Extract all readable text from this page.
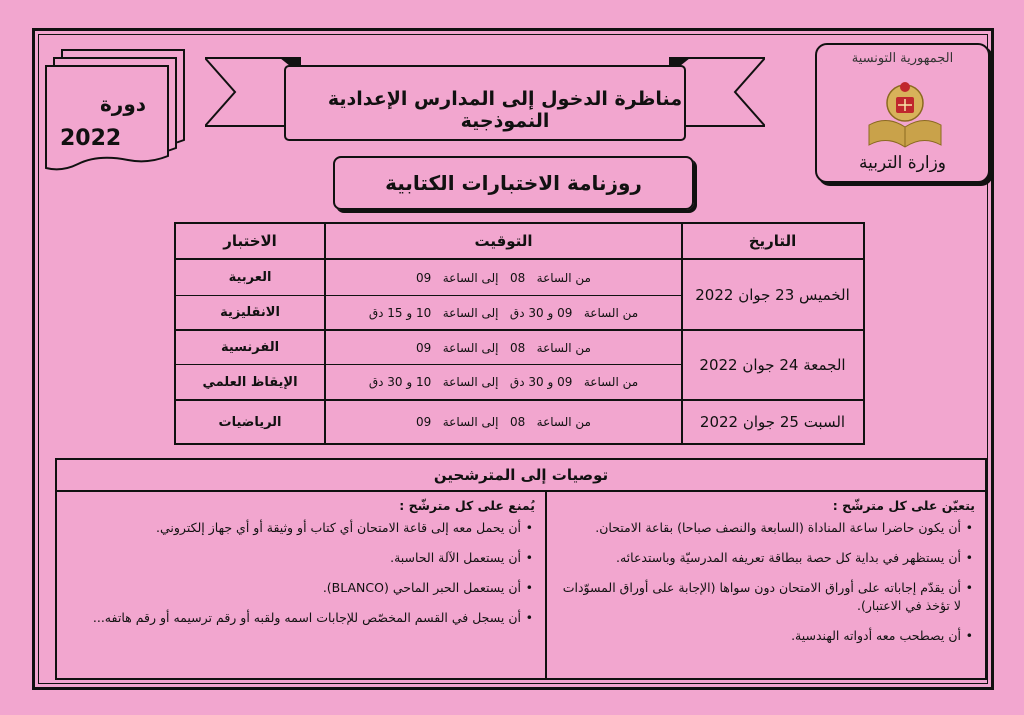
دورة
2022
مناظرة الدخول إلى المدارس الإعدادية النموذجية
الجمهورية التونسية
وزارة التربية
روزنامة الاختبارات الكتابية
التاريخ
التوقيت
الاختبار
الخميس 23 جوان 2022
من الساعة   08   إلى الساعة   09
العربية
من الساعة   09 و 30 دق   إلى الساعة   10 و 15 دق
الانقليزية
الجمعة 24 جوان 2022
من الساعة   08   إلى الساعة   09
الفرنسية
من الساعة   09 و 30 دق   إلى الساعة   10 و 30 دق
الإيقاظ العلمي
السبت 25 جوان 2022
من الساعة   08   إلى الساعة   09
الرياضيات
توصيات إلى المترشحين
يتعيّن على كل مترشّح :
• أن يكون حاضرا ساعة المناداة (السابعة والنصف صباحا) بقاعة الامتحان.
• أن يستظهر في بداية كل حصة ببطاقة تعريفه المدرسيّة وباستدعائه.
• أن يقدّم إجاباته على أوراق الامتحان دون سواها (الإجابة على أوراق المسوّدات لا تؤخذ في الاعتبار).
• أن يصطحب معه أدواته الهندسية.
يُمنع على كل مترشّح :
• أن يحمل معه إلى قاعة الامتحان أي كتاب أو وثيقة أو أي جهاز إلكتروني.
• أن يستعمل الآلة الحاسبة.
• أن يستعمل الحبر الماحي (BLANCO).
• أن يسجل في القسم المخصّص للإجابات اسمه ولقبه أو رقم ترسيمه أو رقم هاتفه...
